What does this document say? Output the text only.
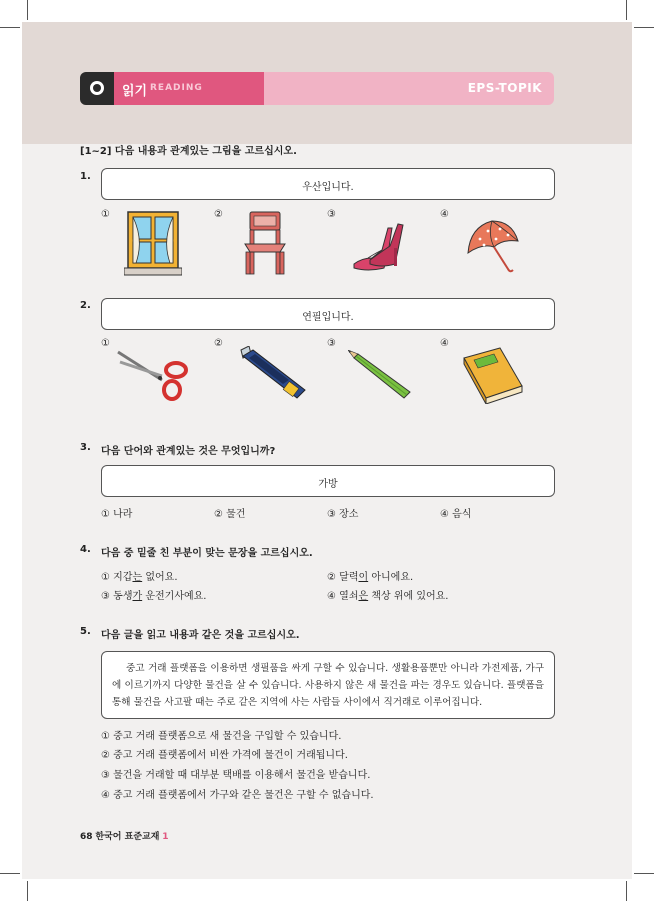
읽기 READING	EPS-TOPIK
[1~2] 다음 내용과 관계있는 그림을 고르십시오.
1.
우산입니다.
①	②	③	④
2.
연필입니다.
①	②	③	④
3. 다음 단어와 관계있는 것은 무엇입니까?
가방
① 나라	② 물건	③ 장소	④ 음식
4. 다음 중 밑줄 친 부분이 맞는 문장을 고르십시오.
① 지갑는 없어요.	② 달력이 아니에요.
③ 동생가 운전기사예요.	④ 열쇠은 책상 위에 있어요.
5. 다음 글을 읽고 내용과 같은 것을 고르십시오.

중고 거래 플랫폼을 이용하면 생필품을 싸게 구할 수 있습니다. 생활용품뿐만 아니라 가전제품, 가구에 이르기까지 다양한 물건을 살 수 있습니다. 사용하지 않은 새 물건을 파는 경우도 있습니다. 플랫폼을 통해 물건을 사고팔 때는 주로 같은 지역에 사는 사람들 사이에서 직거래로 이루어집니다.

① 중고 거래 플랫폼으로 새 물건을 구입할 수 있습니다.
② 중고 거래 플랫폼에서 비싼 가격에 물건이 거래됩니다.
③ 물건을 거래할 때 대부분 택배를 이용해서 물건을 받습니다.
④ 중고 거래 플랫폼에서 가구와 같은 물건은 구할 수 없습니다.
68 한국어 표준교재 1
